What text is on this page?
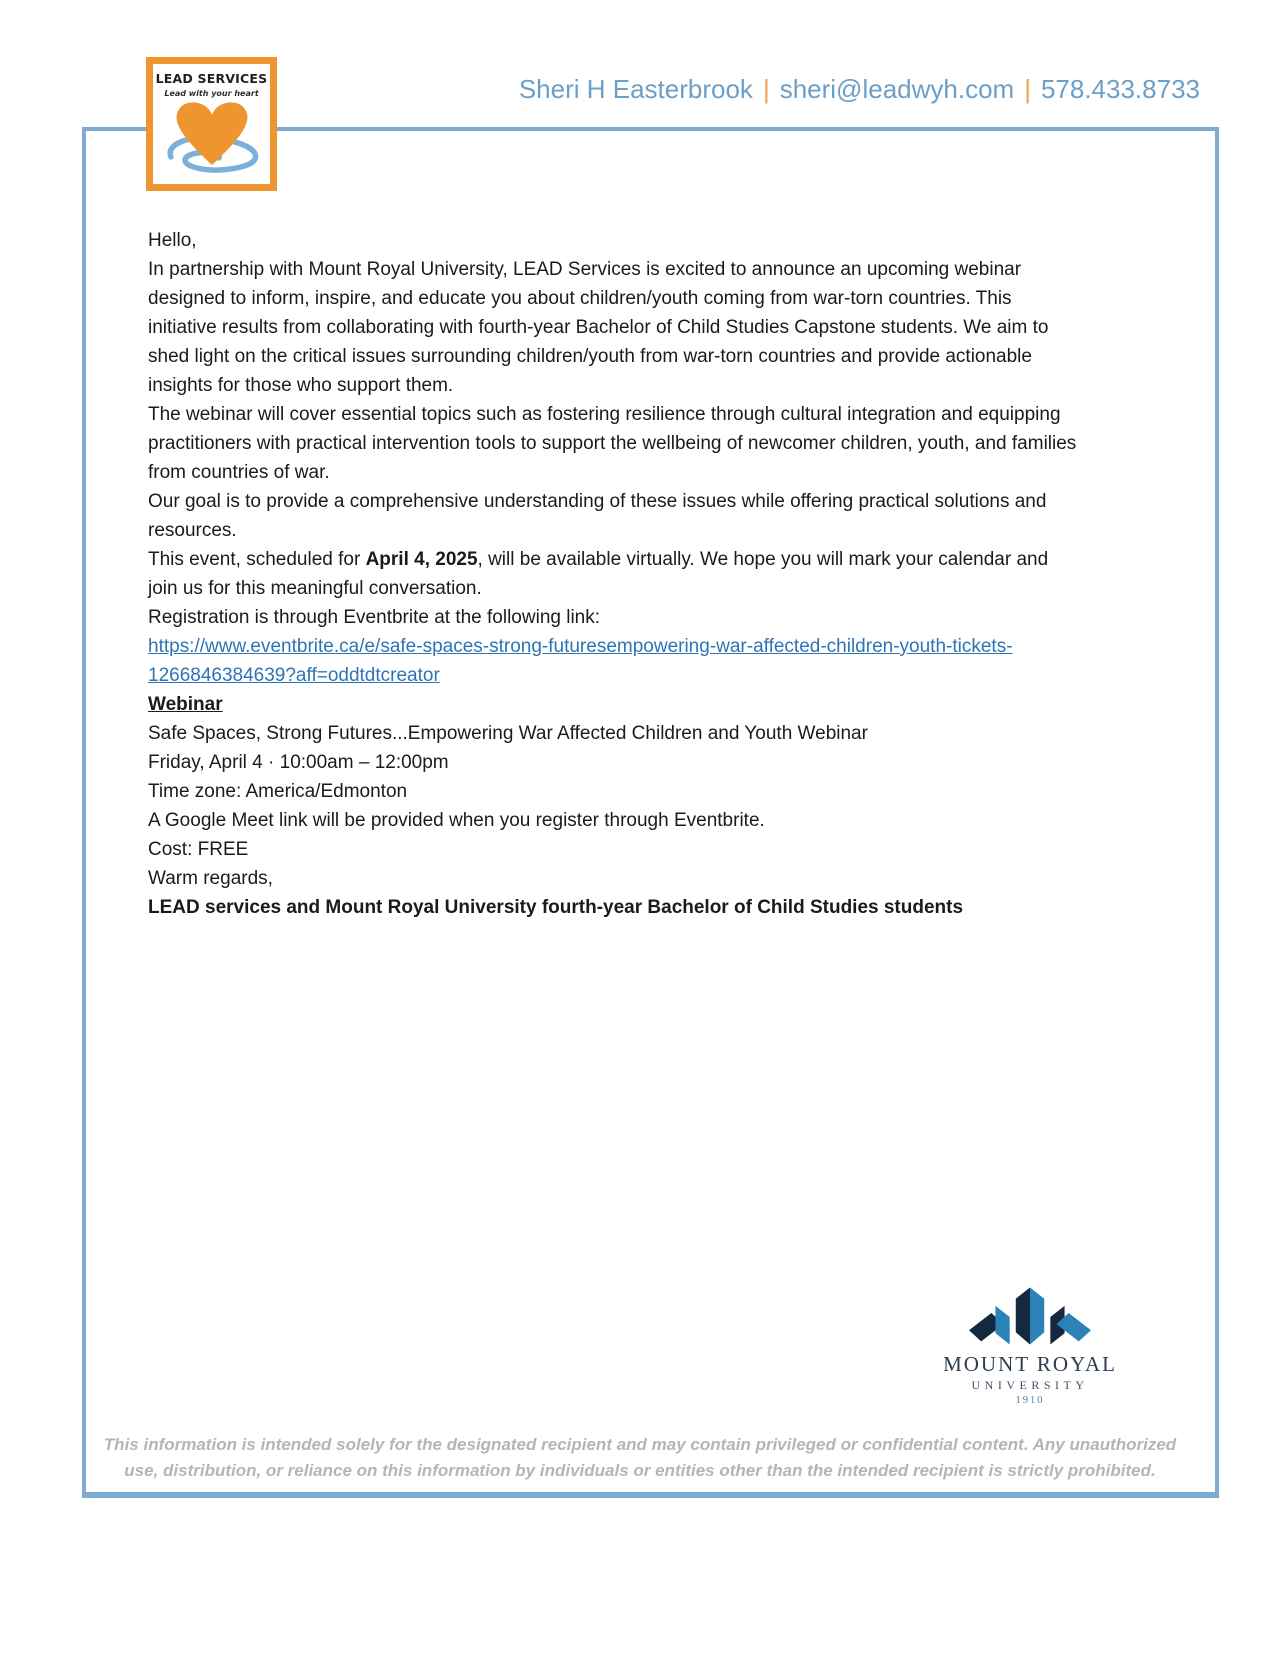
LEAD SERVICES
Lead with your heart	Sheri H Easterbrook | sheri@leadwyh.com | 578.433.8733

Hello,

In partnership with Mount Royal University, LEAD Services is excited to announce an upcoming webinar designed to inform, inspire, and educate you about children/youth coming from war-torn countries. This initiative results from collaborating with fourth-year Bachelor of Child Studies Capstone students. We aim to shed light on the critical issues surrounding children/youth from war-torn countries and provide actionable insights for those who support them.

The webinar will cover essential topics such as fostering resilience through cultural integration and equipping practitioners with practical intervention tools to support the wellbeing of newcomer children, youth, and families from countries of war.

Our goal is to provide a comprehensive understanding of these issues while offering practical solutions and resources.

This event, scheduled for April 4, 2025, will be available virtually. We hope you will mark your calendar and join us for this meaningful conversation.

Registration is through Eventbrite at the following link:

https://www.eventbrite.ca/e/safe-spaces-strong-futuresempowering-war-affected-children-youth-tickets-1266846384639?aff=oddtdtcreator

Webinar

Safe Spaces, Strong Futures...Empowering War Affected Children and Youth Webinar
Friday, April 4 · 10:00am – 12:00pm
Time zone: America/Edmonton
A Google Meet link will be provided when you register through Eventbrite.

Cost: FREE

Warm regards,

LEAD services and Mount Royal University fourth-year Bachelor of Child Studies students

MOUNT ROYAL
UNIVERSITY
1910
This information is intended solely for the designated recipient and may contain privileged or confidential content. Any unauthorized use, distribution, or reliance on this information by individuals or entities other than the intended recipient is strictly prohibited.
